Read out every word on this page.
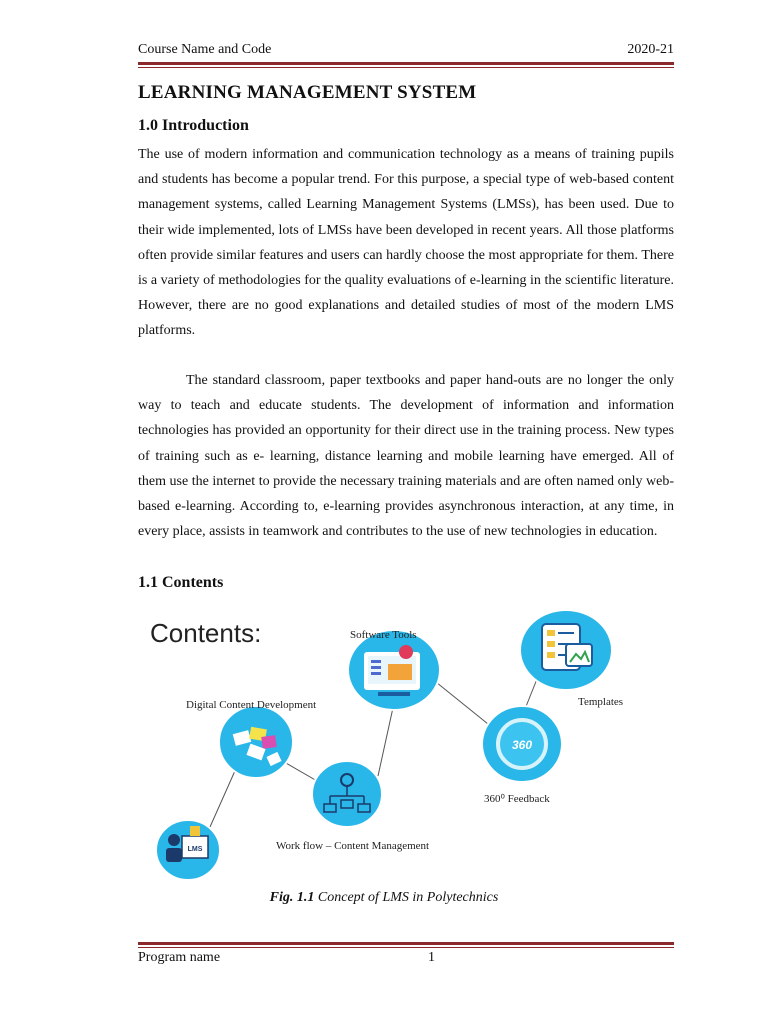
Course Name and Code	2020-21
LEARNING MANAGEMENT SYSTEM
1.0 Introduction

The use of modern information and communication technology as a means of training pupils and students has become a popular trend. For this purpose, a special type of web-based content management systems, called Learning Management Systems (LMSs), has been used. Due to their wide implemented, lots of LMSs have been developed in recent years. All those platforms often provide similar features and users can hardly choose the most appropriate for them. There is a variety of methodologies for the quality evaluations of e-learning in the scientific literature. However, there are no good explanations and detailed studies of most of the modern LMS platforms.

The standard classroom, paper textbooks and paper hand-outs are no longer the only way to teach and educate students. The development of information and information technologies has provided an opportunity for their direct use in the training process. New types of training such as e- learning, distance learning and mobile learning have emerged. All of them use the internet to provide the necessary training materials and are often named only web- based e-learning. According to, e-learning provides asynchronous interaction, at any time, in every place, assists in teamwork and contributes to the use of new technologies in education.

1.1 Contents
Contents:
360
LMS
Software Tools
Templates
Digital Content Development
360⁰ Feedback
Work flow – Content Management
Fig. 1.1 Concept of LMS in Polytechnics
Program name	1
